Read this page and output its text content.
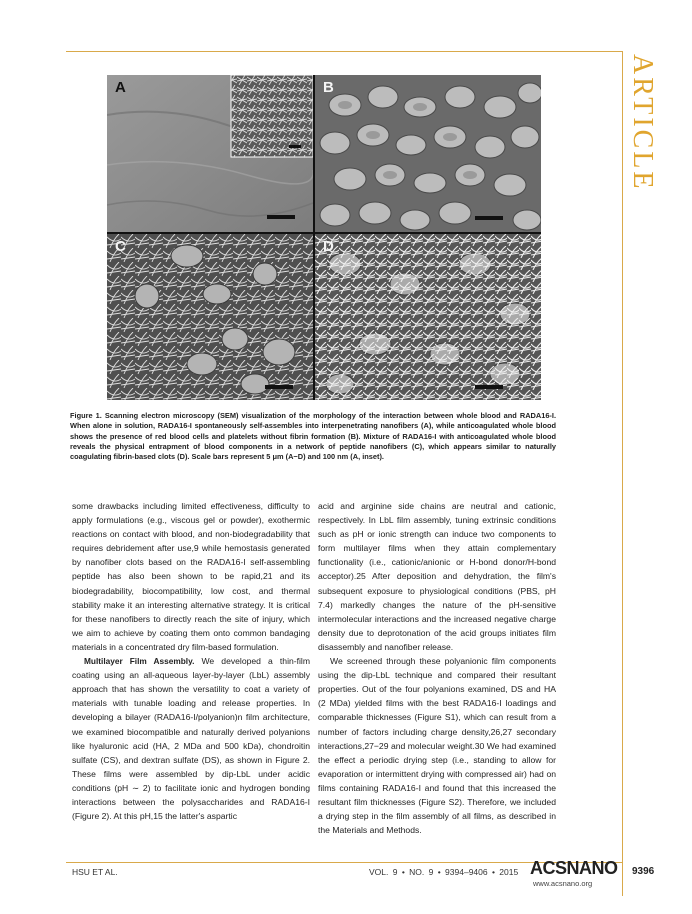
ARTICLE
A	B
C	D

Figure 1. Scanning electron microscopy (SEM) visualization of the morphology of the interaction between whole blood and RADA16-I. When alone in solution, RADA16-I spontaneously self-assembles into interpenetrating nanofibers (A), while anticoagulated whole blood shows the presence of red blood cells and platelets without fibrin formation (B). Mixture of RADA16-I with anticoagulated whole blood reveals the physical entrapment of blood components in a network of peptide nanofibers (C), which appears similar to naturally coagulating fibrin-based clots (D). Scale bars represent 5 μm (A−D) and 100 nm (A, inset).

some drawbacks including limited effectiveness, difficulty to apply formulations (e.g., viscous gel or powder), exothermic reactions on contact with blood, and non-biodegradability that requires debridement after use,9 while hemostasis generated by nanofiber clots based on the RADA16-I self-assembling peptide has also been shown to be rapid,21 and its biodegradability, biocompatibility, low cost, and thermal stability make it an interesting alternative strategy. It is critical for these nanofibers to directly reach the site of injury, which we aim to achieve by coating them onto common bandaging materials in a concentrated dry film-based formulation.

Multilayer Film Assembly. We developed a thin-film coating using an all-aqueous layer-by-layer (LbL) assembly approach that has shown the versatility to coat a variety of materials with tunable loading and release properties. In developing a bilayer (RADA16-I/polyanion)n film architecture, we examined biocompatible and naturally derived polyanions like hyaluronic acid (HA, 2 MDa and 500 kDa), chondroitin sulfate (CS), and dextran sulfate (DS), as shown in Figure 2. These films were assembled by dip-LbL under acidic conditions (pH ∼ 2) to facilitate ionic and hydrogen bonding interactions between the polysaccharides and RADA16-I (Figure 2). At this pH,15 the latter's aspartic

acid and arginine side chains are neutral and cationic, respectively. In LbL film assembly, tuning extrinsic conditions such as pH or ionic strength can induce two components to form multilayer films when they attain complementary functionality (i.e., cationic/anionic or H-bond donor/H-bond acceptor).25 After deposition and dehydration, the film's subsequent exposure to physiological conditions (PBS, pH 7.4) markedly changes the nature of the pH-sensitive intermolecular interactions and the increased negative charge density due to deprotonation of the acid groups initiates film disassembly and nanofiber release.

We screened through these polyanionic film components using the dip-LbL technique and compared their resultant properties. Out of the four polyanions examined, DS and HA (2 MDa) yielded films with the best RADA16-I loadings and comparable thicknesses (Figure S1), which can result from a number of factors including charge density,26,27 secondary interactions,27−29 and molecular weight.30 We had examined the effect a periodic drying step (i.e., standing to allow for evaporation or intermittent drying with compressed air) had on films containing RADA16-I and found that this increased the resultant film thicknesses (Figure S2). Therefore, we included a drying step in the film assembly of all films, as described in the Materials and Methods.

HSU ET AL.	VOL. 9 • NO. 9 • 9394–9406 • 2015 ACSNANO
www.acsnano.org
9396
